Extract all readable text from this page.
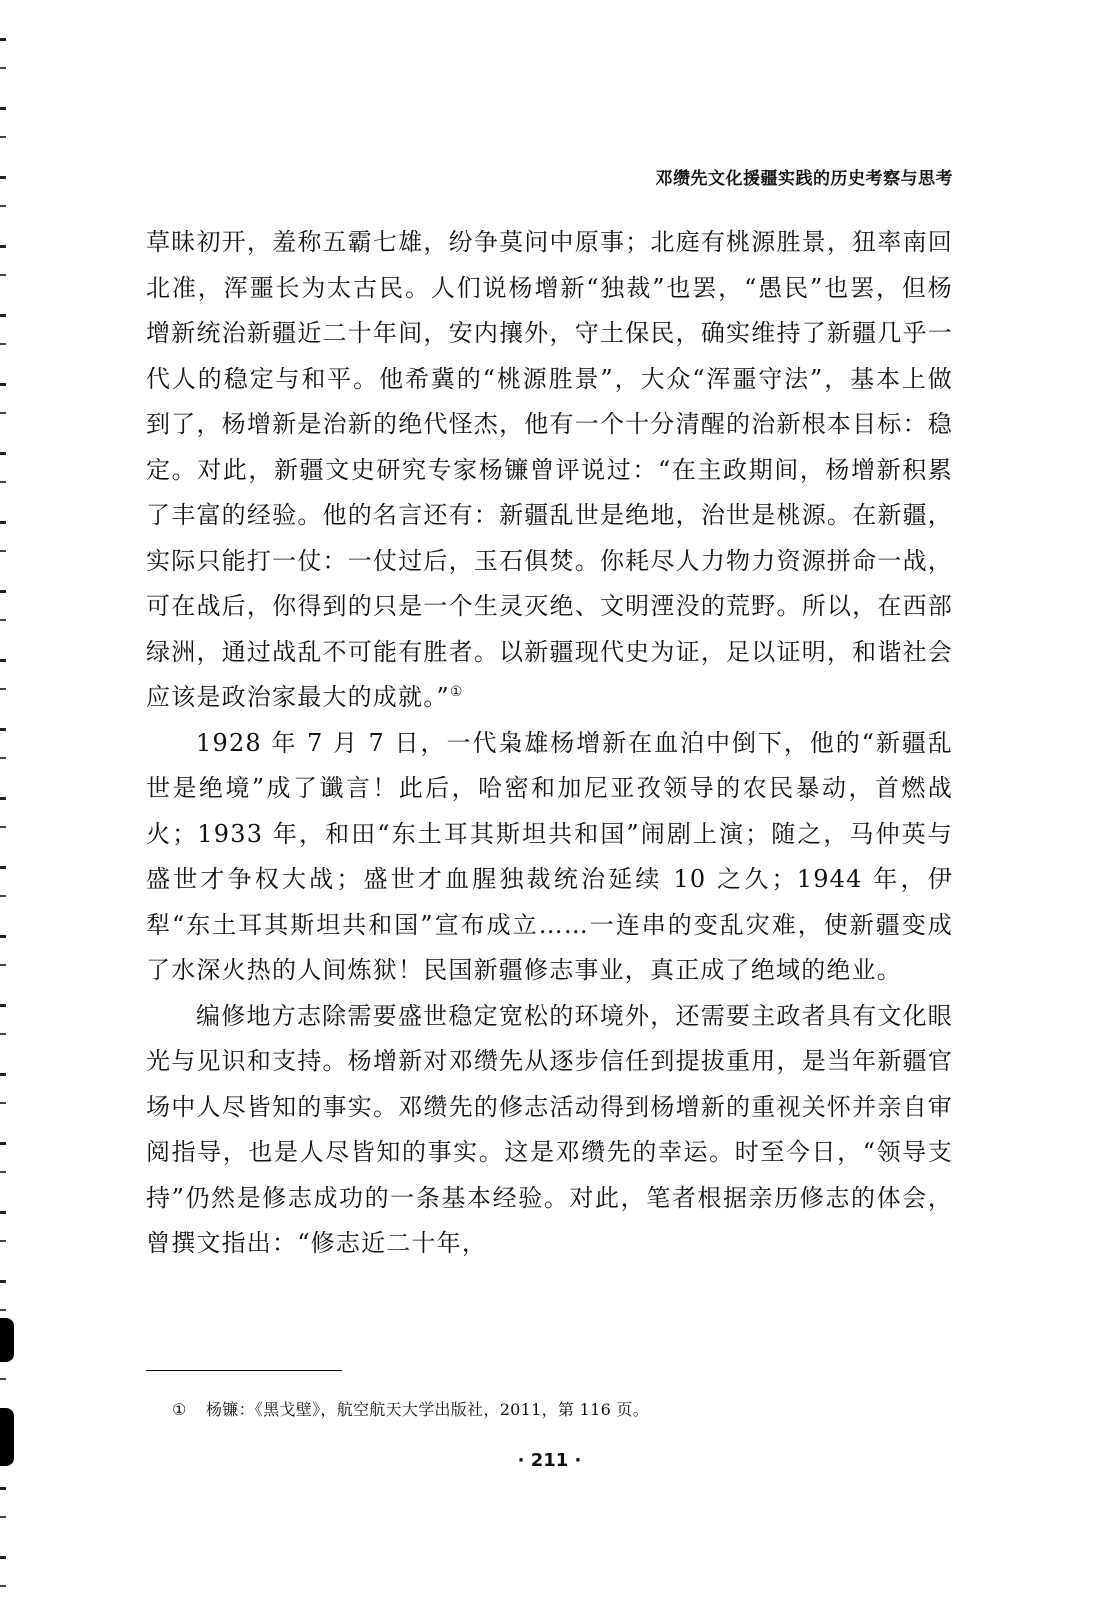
邓缵先文化援疆实践的历史考察与思考

草昧初开，羞称五霸七雄，纷争莫问中原事；北庭有桃源胜景，狃率南回北准，浑噩长为太古民。人们说杨增新“独裁”也罢，“愚民”也罢，但杨增新统治新疆近二十年间，安内攘外，守土保民，确实维持了新疆几乎一代人的稳定与和平。他希冀的“桃源胜景”，大众“浑噩守法”，基本上做到了，杨增新是治新的绝代怪杰，他有一个十分清醒的治新根本目标：稳定。对此，新疆文史研究专家杨镰曾评说过：“在主政期间，杨增新积累了丰富的经验。他的名言还有：新疆乱世是绝地，治世是桃源。在新疆，实际只能打一仗：一仗过后，玉石俱焚。你耗尽人力物力资源拼命一战，可在战后，你得到的只是一个生灵灭绝、文明湮没的荒野。所以，在西部绿洲，通过战乱不可能有胜者。以新疆现代史为证，足以证明，和谐社会应该是政治家最大的成就。”①

1928 年 7 月 7 日，一代枭雄杨增新在血泊中倒下，他的“新疆乱世是绝境”成了谶言！此后，哈密和加尼亚孜领导的农民暴动，首燃战火；1933 年，和田“东土耳其斯坦共和国”闹剧上演；随之，马仲英与盛世才争权大战；盛世才血腥独裁统治延续 10 之久；1944 年，伊犁“东土耳其斯坦共和国”宣布成立……一连串的变乱灾难，使新疆变成了水深火热的人间炼狱！民国新疆修志事业，真正成了绝域的绝业。

编修地方志除需要盛世稳定宽松的环境外，还需要主政者具有文化眼光与见识和支持。杨增新对邓缵先从逐步信任到提拔重用，是当年新疆官场中人尽皆知的事实。邓缵先的修志活动得到杨增新的重视关怀并亲自审阅指导，也是人尽皆知的事实。这是邓缵先的幸运。时至今日，“领导支持”仍然是修志成功的一条基本经验。对此，笔者根据亲历修志的体会，曾撰文指出：“修志近二十年，

① 杨镰：《黑戈壁》，航空航天大学出版社，2011，第 116 页。
· 211 ·
